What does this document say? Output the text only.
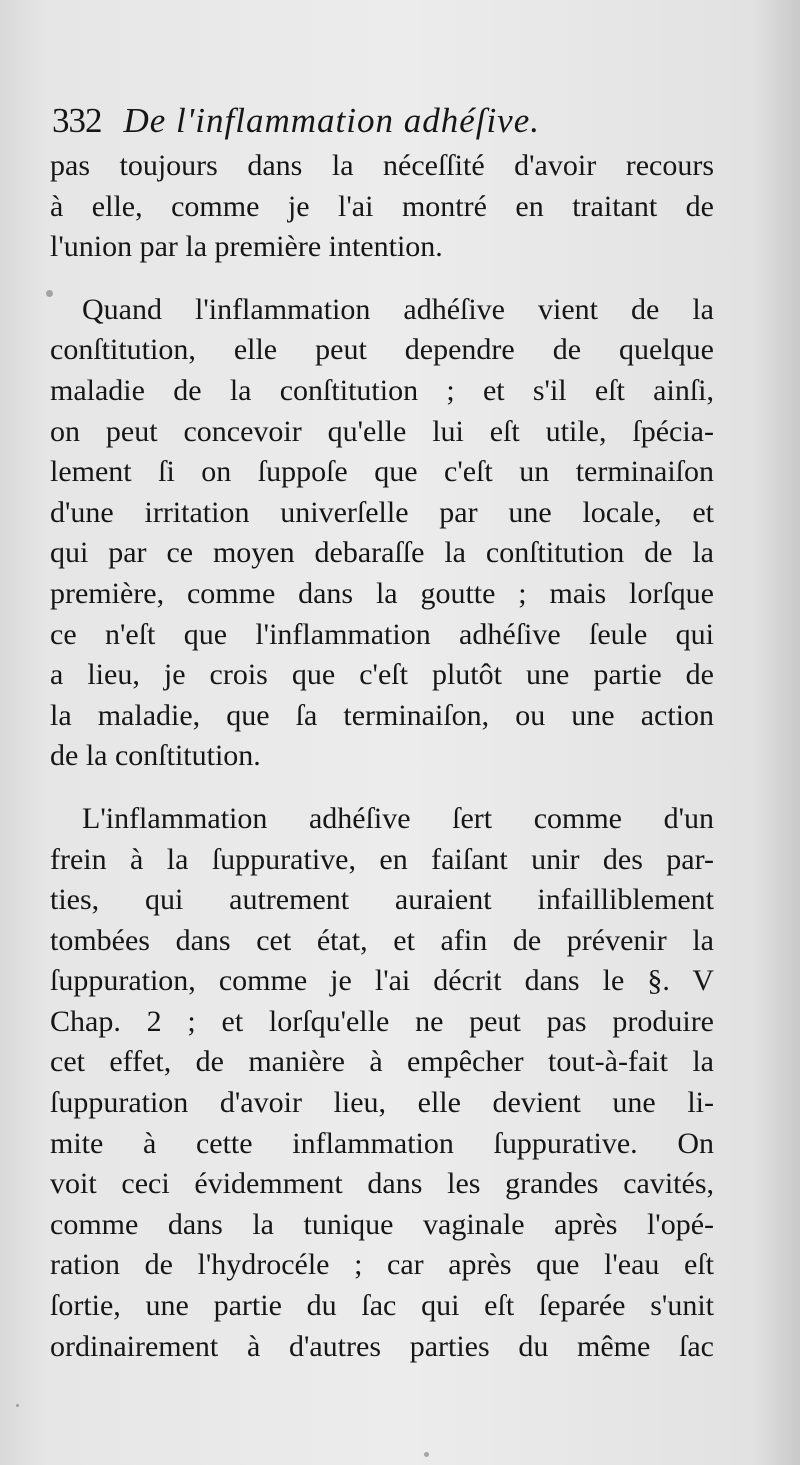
332 De l'inflammation adhéſive.
pas toujours dans la néceſſité d'avoir recours
à elle, comme je l'ai montré en traitant de
l'union par la première intention.
Quand l'inflammation adhéſive vient de la
conſtitution, elle peut dependre de quelque
maladie de la conſtitution ; et s'il eſt ainſi,
on peut concevoir qu'elle lui eſt utile, ſpécia-
lement ſi on ſuppoſe que c'eſt un terminaiſon
d'une irritation univerſelle par une locale, et
qui par ce moyen debaraſſe la conſtitution de la
première, comme dans la goutte ; mais lorſque
ce n'eſt que l'inflammation adhéſive ſeule qui
a lieu, je crois que c'eſt plutôt une partie de
la maladie, que ſa terminaiſon, ou une action
de la conſtitution.
L'inflammation adhéſive ſert comme d'un
frein à la ſuppurative, en faiſant unir des par-
ties, qui autrement auraient infailliblement
tombées dans cet état, et afin de prévenir la
ſuppuration, comme je l'ai décrit dans le §. V
Chap. 2 ; et lorſqu'elle ne peut pas produire
cet effet, de manière à empêcher tout-à-fait la
ſuppuration d'avoir lieu, elle devient une li-
mite à cette inflammation ſuppurative. On
voit ceci évidemment dans les grandes cavités,
comme dans la tunique vaginale après l'opé-
ration de l'hydrocéle ; car après que l'eau eſt
ſortie, une partie du ſac qui eſt ſeparée s'unit
ordinairement à d'autres parties du même ſac
